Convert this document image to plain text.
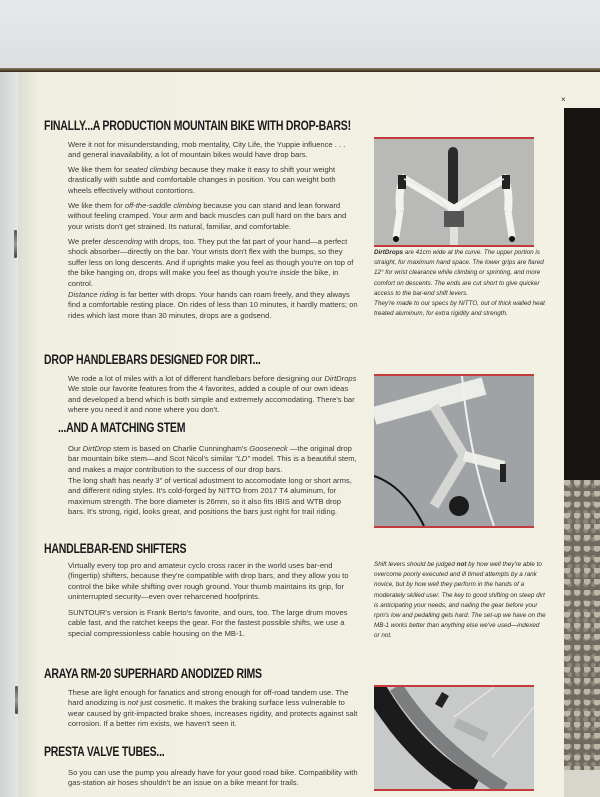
×
FINALLY...A PRODUCTION MOUNTAIN BIKE WITH DROP-BARS!

Were it not for misunderstanding, mob mentality, City Life, the Yuppie influence . . . and general inavailability, a lot of mountain bikes would have drop bars.

We like them for seated climbing because they make it easy to shift your weight drastically with subtle and comfortable changes in position. You can weight both wheels effectively without contortions.

We like them for off-the-saddle climbing because you can stand and lean forward without feeling cramped. Your arm and back muscles can pull hard on the bars and your wrists don't get strained. Its natural, familiar, and comfortable.

We prefer descending with drops, too. They put the fat part of your hand—a perfect shock absorber—directly on the bar. Your wrists don't flex with the bumps, so they suffer less on long descents. And if uprights make you feel as though you're on top of the bike hanging on, drops will make you feel as though you're inside the bike, in control.

Distance riding is far better with drops. Your hands can roam freely, and they always find a comfortable resting place. On rides of less than 10 minutes, it hardly matters; on rides which last more than 30 minutes, drops are a godsend.

DROP HANDLEBARS DESIGNED FOR DIRT...

We rode a lot of miles with a lot of different handlebars before designing our DirtDrops We stole our favorite features from the 4 favorites, added a couple of our own ideas and developed a bend which is both simple and extremely accomodating. There's bar where you need it and none where you don't.

...AND A MATCHING STEM

Our DirtDrop stem is based on Charlie Cunningham's Gooseneck —the original drop bar mountain bike stem—and Scot Nicol's similar "LD" model. This is a beautiful stem, and makes a major contribution to the success of our drop bars.

The long shaft has nearly 3" of vertical adustment to accomodate long or short arms, and different riding styles. It's cold-forged by NITTO from 2017 T4 aluminum, for maximum strength. The bore diameter is 26mm, so it also fits IBIS and WTB drop bars. It's strong, rigid, looks great, and positions the bars just right for trail riding.

HANDLEBAR-END SHIFTERS

Virtually every top pro and amateur cyclo cross racer in the world uses bar-end (fingertip) shifters, because they're compatible with drop bars, and they allow you to control the bike while shifting over rough ground. Your thumb maintains its grip, for uninterrupted security—even over reharcened hoofprints.

SUNTOUR's version is Frank Berto's favorite, and ours, too. The large drum moves cable fast, and the ratchet keeps the gear. For the fastest possible shifts, we use a special compressionless cable housing on the MB-1.

ARAYA RM-20 SUPERHARD ANODIZED RIMS

These are light enough for fanatics and strong enough for off-road tandem use. The hard anodizing is not just cosmetic. It makes the braking surface less vulnerable to wear caused by grit-impacted brake shoes, increases rigidity, and protects against salt corrosion. If a better rim exists, we haven't seen it.

PRESTA VALVE TUBES...

So you can use the pump you already have for your good road bike. Compatibility with gas-station air hoses shouldn't be an issue on a bike meant for trails.

DirtDrops are 41cm wide at the curve. The upper portion is straight, for maximum hand space. The lower grips are flared 12° for wrist clearance while climbing or sprinting, and more comfort on descents. The ends are cut short to give quicker access to the bar-end shift levers.
They're made to our specs by NITTO, out of thick walled heat treated aluminum, for extra rigidity and strength.

Shift levers should be judged not by how well they're able to overcome poorly executed and ill timed attempts by a rank novice, but by how well they perform in the hands of a moderately skilled user. The key to good shifting on steep dirt is anticipating your needs, and nailing the gear before your rpm's low and pedalling gets hard. The set-up we have on the MB-1 works better than anything else we've used—indexed or not.
